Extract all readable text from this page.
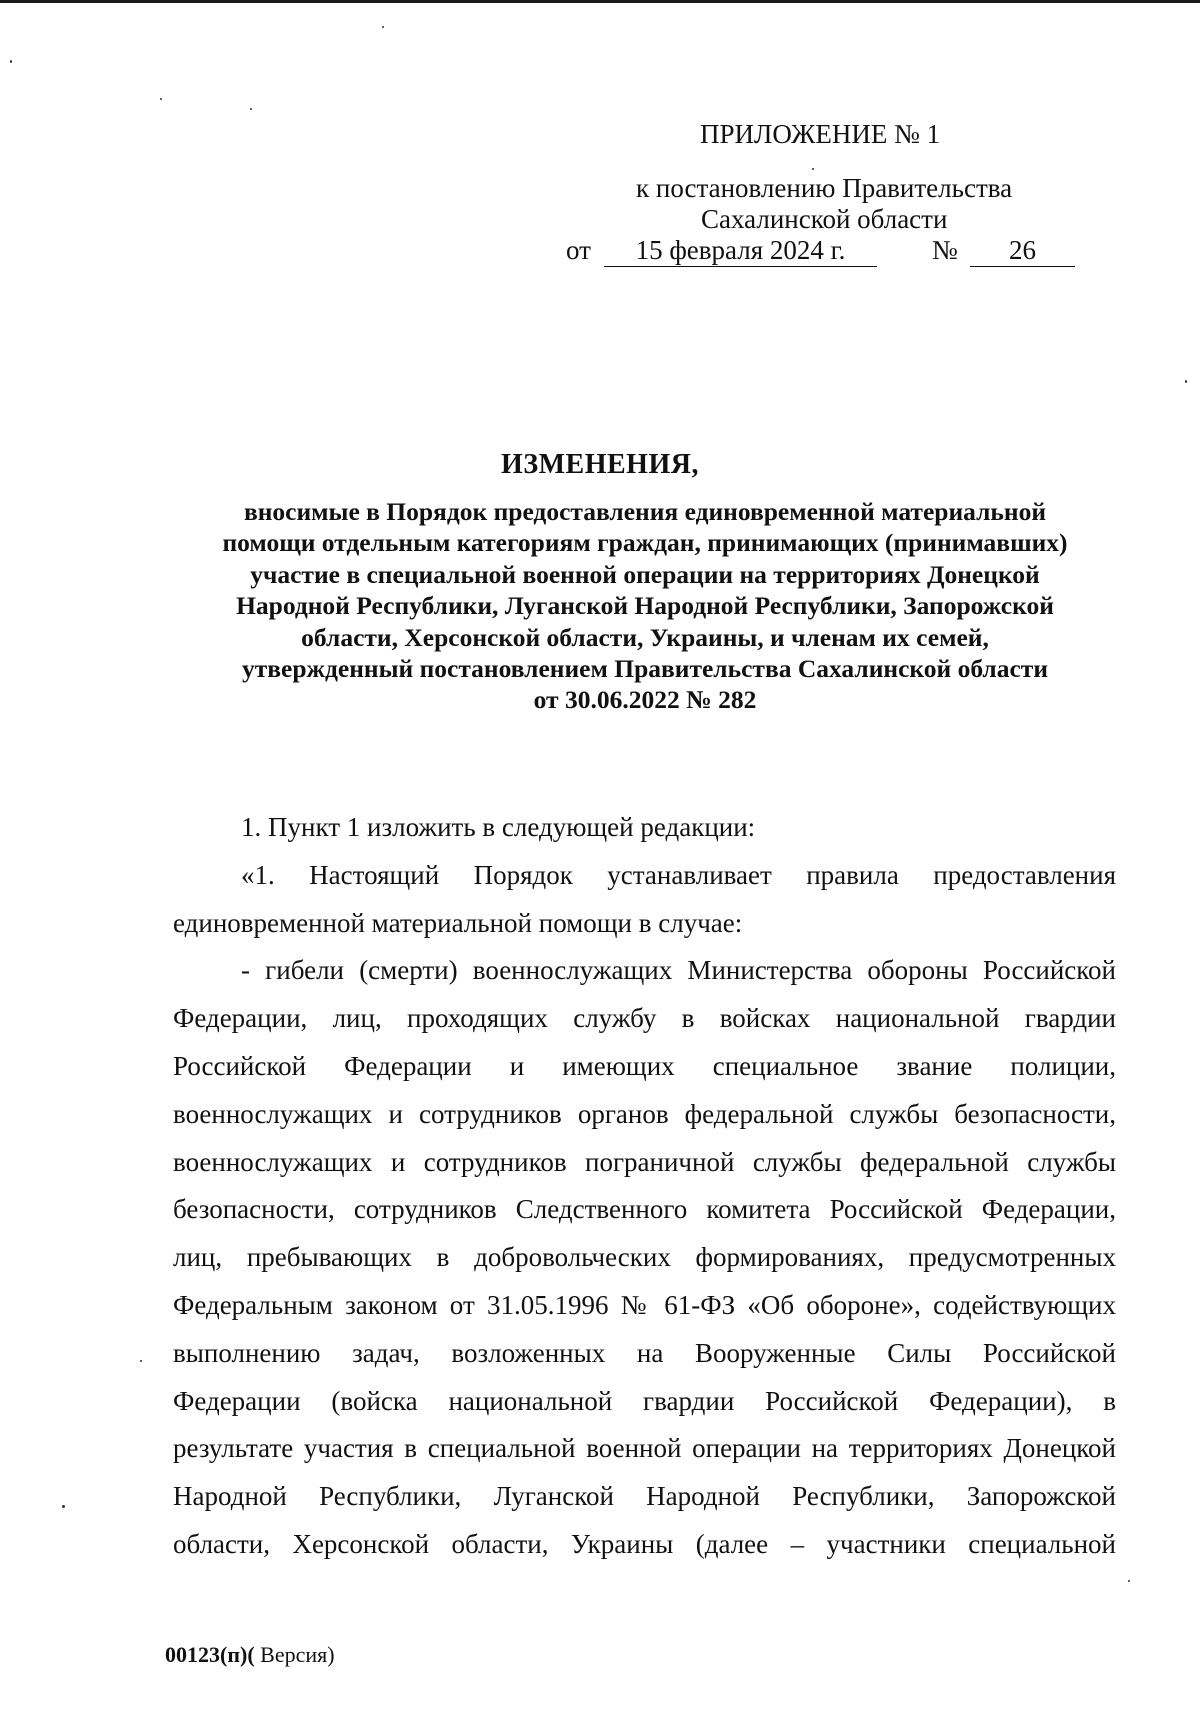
ПРИЛОЖЕНИЕ № 1
к постановлению Правительства
Сахалинской области
от	15 февраля 2024 г.	№	26
ИЗМЕНЕНИЯ,
вносимые в Порядок предоставления единовременной материальной
помощи отдельным категориям граждан, принимающих (принимавших)
участие в специальной военной операции на территориях Донецкой
Народной Республики, Луганской Народной Республики, Запорожской
области, Херсонской области, Украины, и членам их семей,
утвержденный постановлением Правительства Сахалинской области
от 30.06.2022 № 282
1. Пункт 1 изложить в следующей редакции:
«1. Настоящий Порядок устанавливает правила предоставления
единовременной материальной помощи в случае:
- гибели (смерти) военнослужащих Министерства обороны Российской
Федерации, лиц, проходящих службу в войсках национальной гвардии
Российской Федерации и имеющих специальное звание полиции,
военнослужащих и сотрудников органов федеральной службы безопасности,
военнослужащих и сотрудников пограничной службы федеральной службы
безопасности, сотрудников Следственного комитета Российской Федерации,
лиц, пребывающих в добровольческих формированиях, предусмотренных
Федеральным законом от 31.05.1996 № 61-ФЗ «Об обороне», содействующих
выполнению задач, возложенных на Вооруженные Силы Российской
Федерации (войска национальной гвардии Российской Федерации), в
результате участия в специальной военной операции на территориях Донецкой
Народной Республики, Луганской Народной Республики, Запорожской
области, Херсонской области, Украины (далее – участники специальной
00123(п)( Версия)
